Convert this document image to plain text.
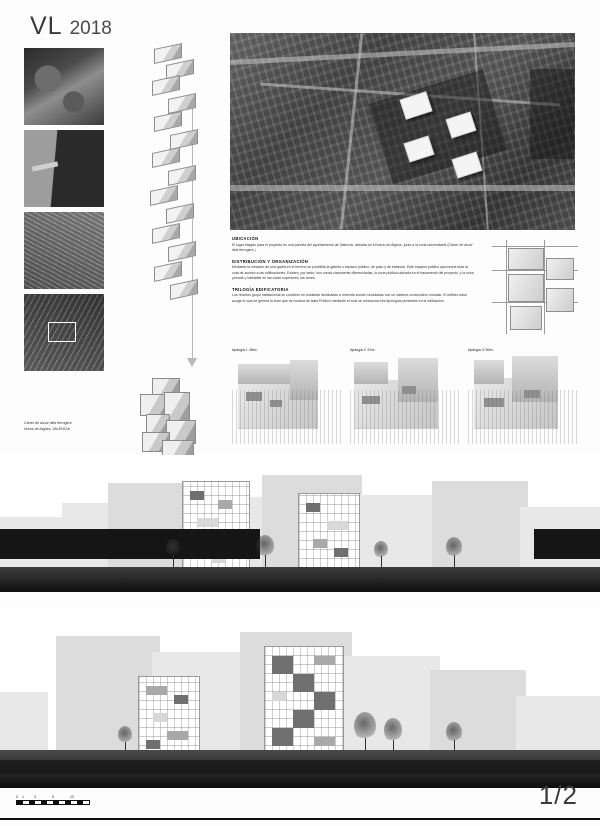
VL 2018
Carrer de alcoi/ dels ferrogers
Horns de Aigües, VALENCIA
UBICACIÓN
El lugar elegido para el proyecto es una parcela del ayuntamiento de Valencia, ubicada en el barrio de Algiros, junto a la zona universitaria (Carrer de alcoi/ dels ferrogers.)
DISTRIBUCIÓN Y ORGANIZACIÓN
Mediante la creación de una grafía en el terreno se posibilita la galeria o espacio público, de paso y de estancia. Este espacio público aprovecha toda la cota de acceso a las edificaciones. Existen, por tanto, dos zonas claramente diferenciadas, la zona pública ubicada en el basamento del proyecto, y la zona privada y habitable en las cotas superiores, las torres.
TRILOGÍA EDIFICATORIA
Los recintos grupo habitacional se conciben en unidades destinadas a vivienda social/ moduladas con un sistema constructivo modular. El edificio base acoge el cual se genera la torre que se modula de tales Público mediante el cual se cohesiona tres tipologías presentes en la edificación.
tipología 1: 48m²	tipología 2: 57m²	tipología 3: 90m²
0	1	3	5	10	1/2
